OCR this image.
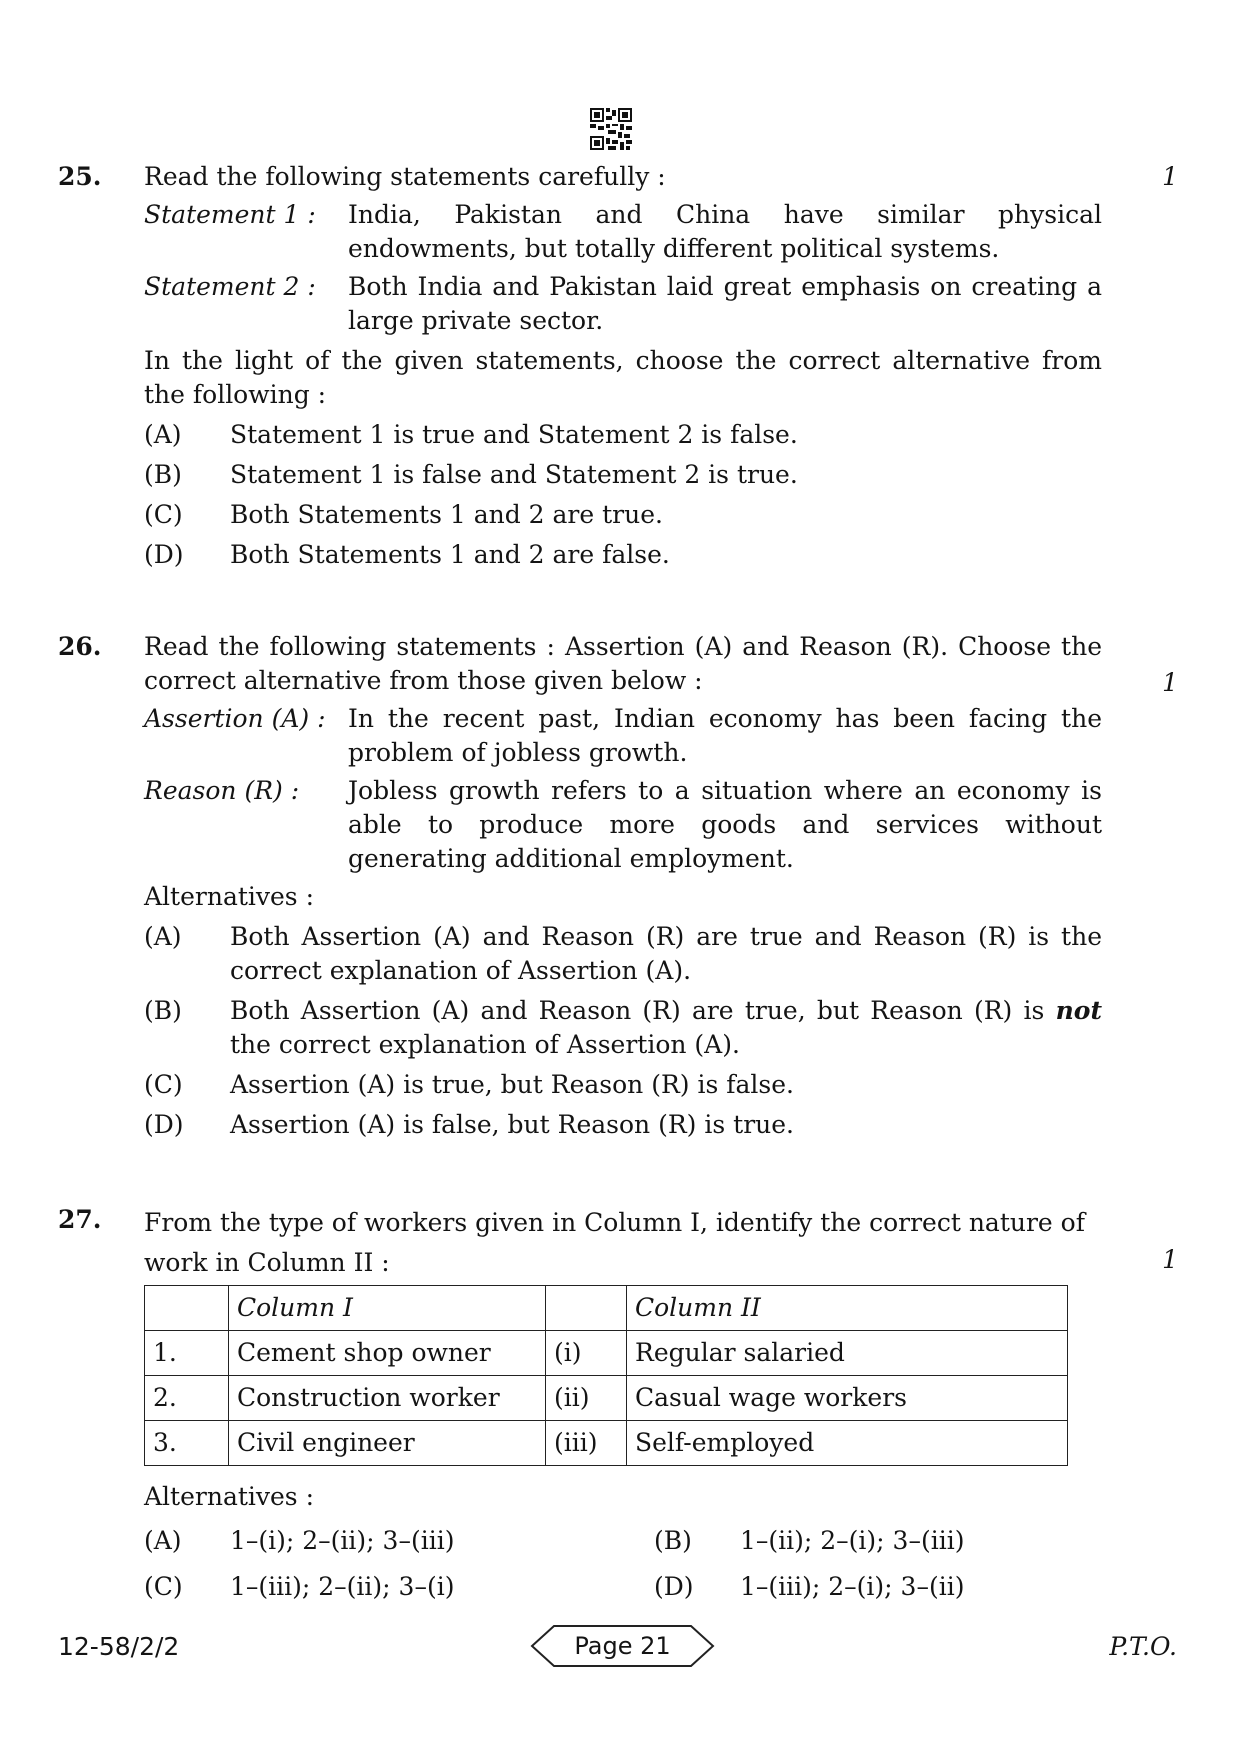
25.	1
Read the following statements carefully :
Statement 1 : India, Pakistan and China have similar physical endowments, but totally different political systems.
Statement 2 : Both India and Pakistan laid great emphasis on creating a large private sector.
In the light of the given statements, choose the correct alternative from the following :
(A) Statement 1 is true and Statement 2 is false.
(B) Statement 1 is false and Statement 2 is true.
(C) Both Statements 1 and 2 are true.
(D) Both Statements 1 and 2 are false.
26.
1
Read the following statements : Assertion (A) and Reason (R). Choose the correct alternative from those given below :
Assertion (A) : In the recent past, Indian economy has been facing the problem of jobless growth.
Reason (R) : Jobless growth refers to a situation where an economy is able to produce more goods and services without generating additional employment.
Alternatives :
(A) Both Assertion (A) and Reason (R) are true and Reason (R) is the correct explanation of Assertion (A).
(B) Both Assertion (A) and Reason (R) are true, but Reason (R) is not the correct explanation of Assertion (A).
(C) Assertion (A) is true, but Reason (R) is false.
(D) Assertion (A) is false, but Reason (R) is true.
27.
1
From the type of workers given in Column I, identify the correct nature of work in Column II :
	Column I		Column II
1.	Cement shop owner	(i)	Regular salaried
2.	Construction worker	(ii)	Casual wage workers
3.	Civil engineer	(iii)	Self-employed
Alternatives :
(A) 1–(i); 2–(ii); 3–(iii)	(B) 1–(ii); 2–(i); 3–(iii)
(C) 1–(iii); 2–(ii); 3–(i)	(D) 1–(iii); 2–(i); 3–(ii)
12-58/2/2	Page 21	P.T.O.
